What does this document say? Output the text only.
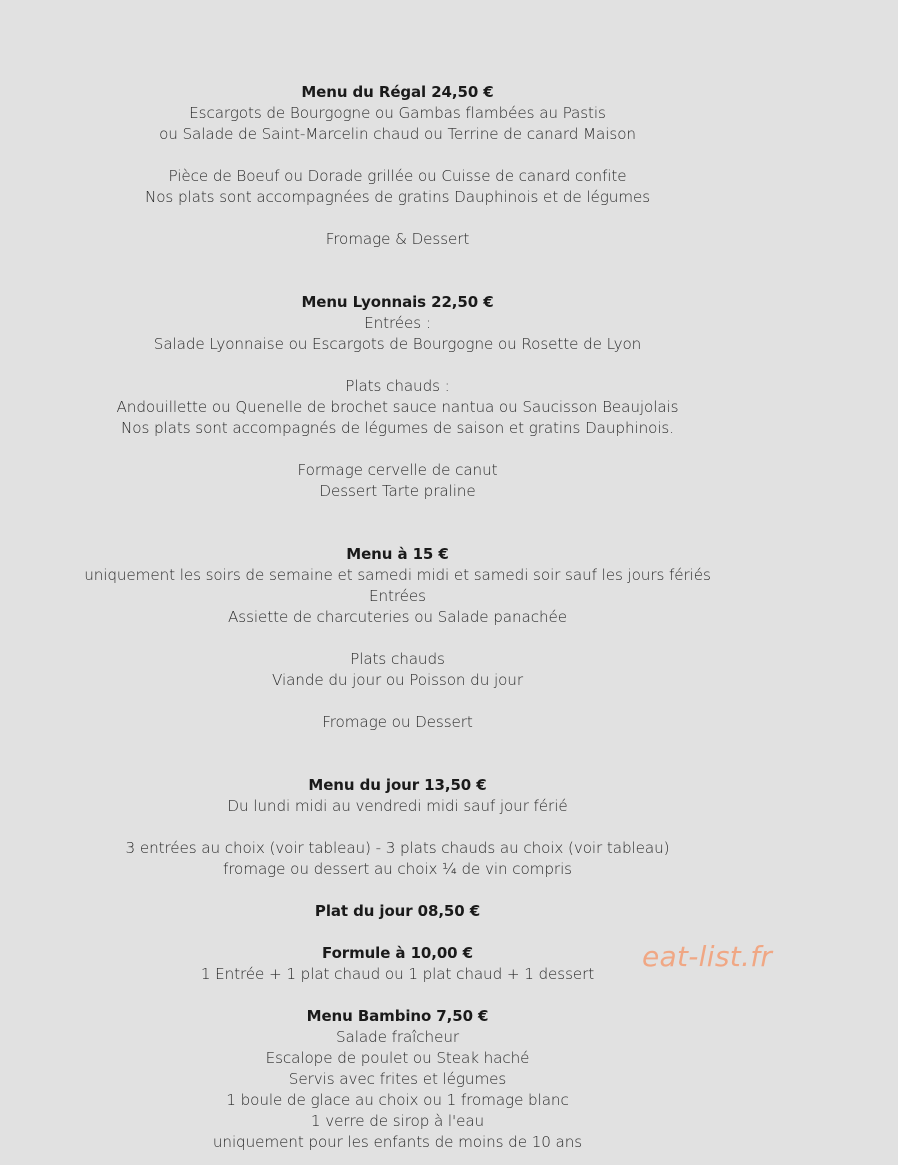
Menu du Régal 24,50 €
Escargots de Bourgogne ou Gambas flambées au Pastis
ou Salade de Saint-Marcelin chaud ou Terrine de canard Maison
Pièce de Boeuf ou Dorade grillée ou Cuisse de canard confite
Nos plats sont accompagnées de gratins Dauphinois et de légumes
Fromage & Dessert
Menu Lyonnais 22,50 €
Entrées :
Salade Lyonnaise ou Escargots de Bourgogne ou Rosette de Lyon
Plats chauds :
Andouillette ou Quenelle de brochet sauce nantua ou Saucisson Beaujolais
Nos plats sont accompagnés de légumes de saison et gratins Dauphinois.
Formage cervelle de canut
Dessert Tarte praline
Menu à 15 €
uniquement les soirs de semaine et samedi midi et samedi soir sauf les jours fériés
Entrées
Assiette de charcuteries ou Salade panachée
Plats chauds
Viande du jour ou Poisson du jour
Fromage ou Dessert
Menu du jour 13,50 €
Du lundi midi au vendredi midi sauf jour férié
3 entrées au choix (voir tableau) - 3 plats chauds au choix (voir tableau)
fromage ou dessert au choix ¼ de vin compris
Plat du jour 08,50 €
Formule à 10,00 €
1 Entrée + 1 plat chaud ou 1 plat chaud + 1 dessert
Menu Bambino 7,50 €
Salade fraîcheur
Escalope de poulet ou Steak haché
Servis avec frites et légumes
1 boule de glace au choix ou 1 fromage blanc
1 verre de sirop à l'eau
uniquement pour les enfants de moins de 10 ans
eat-list.fr
